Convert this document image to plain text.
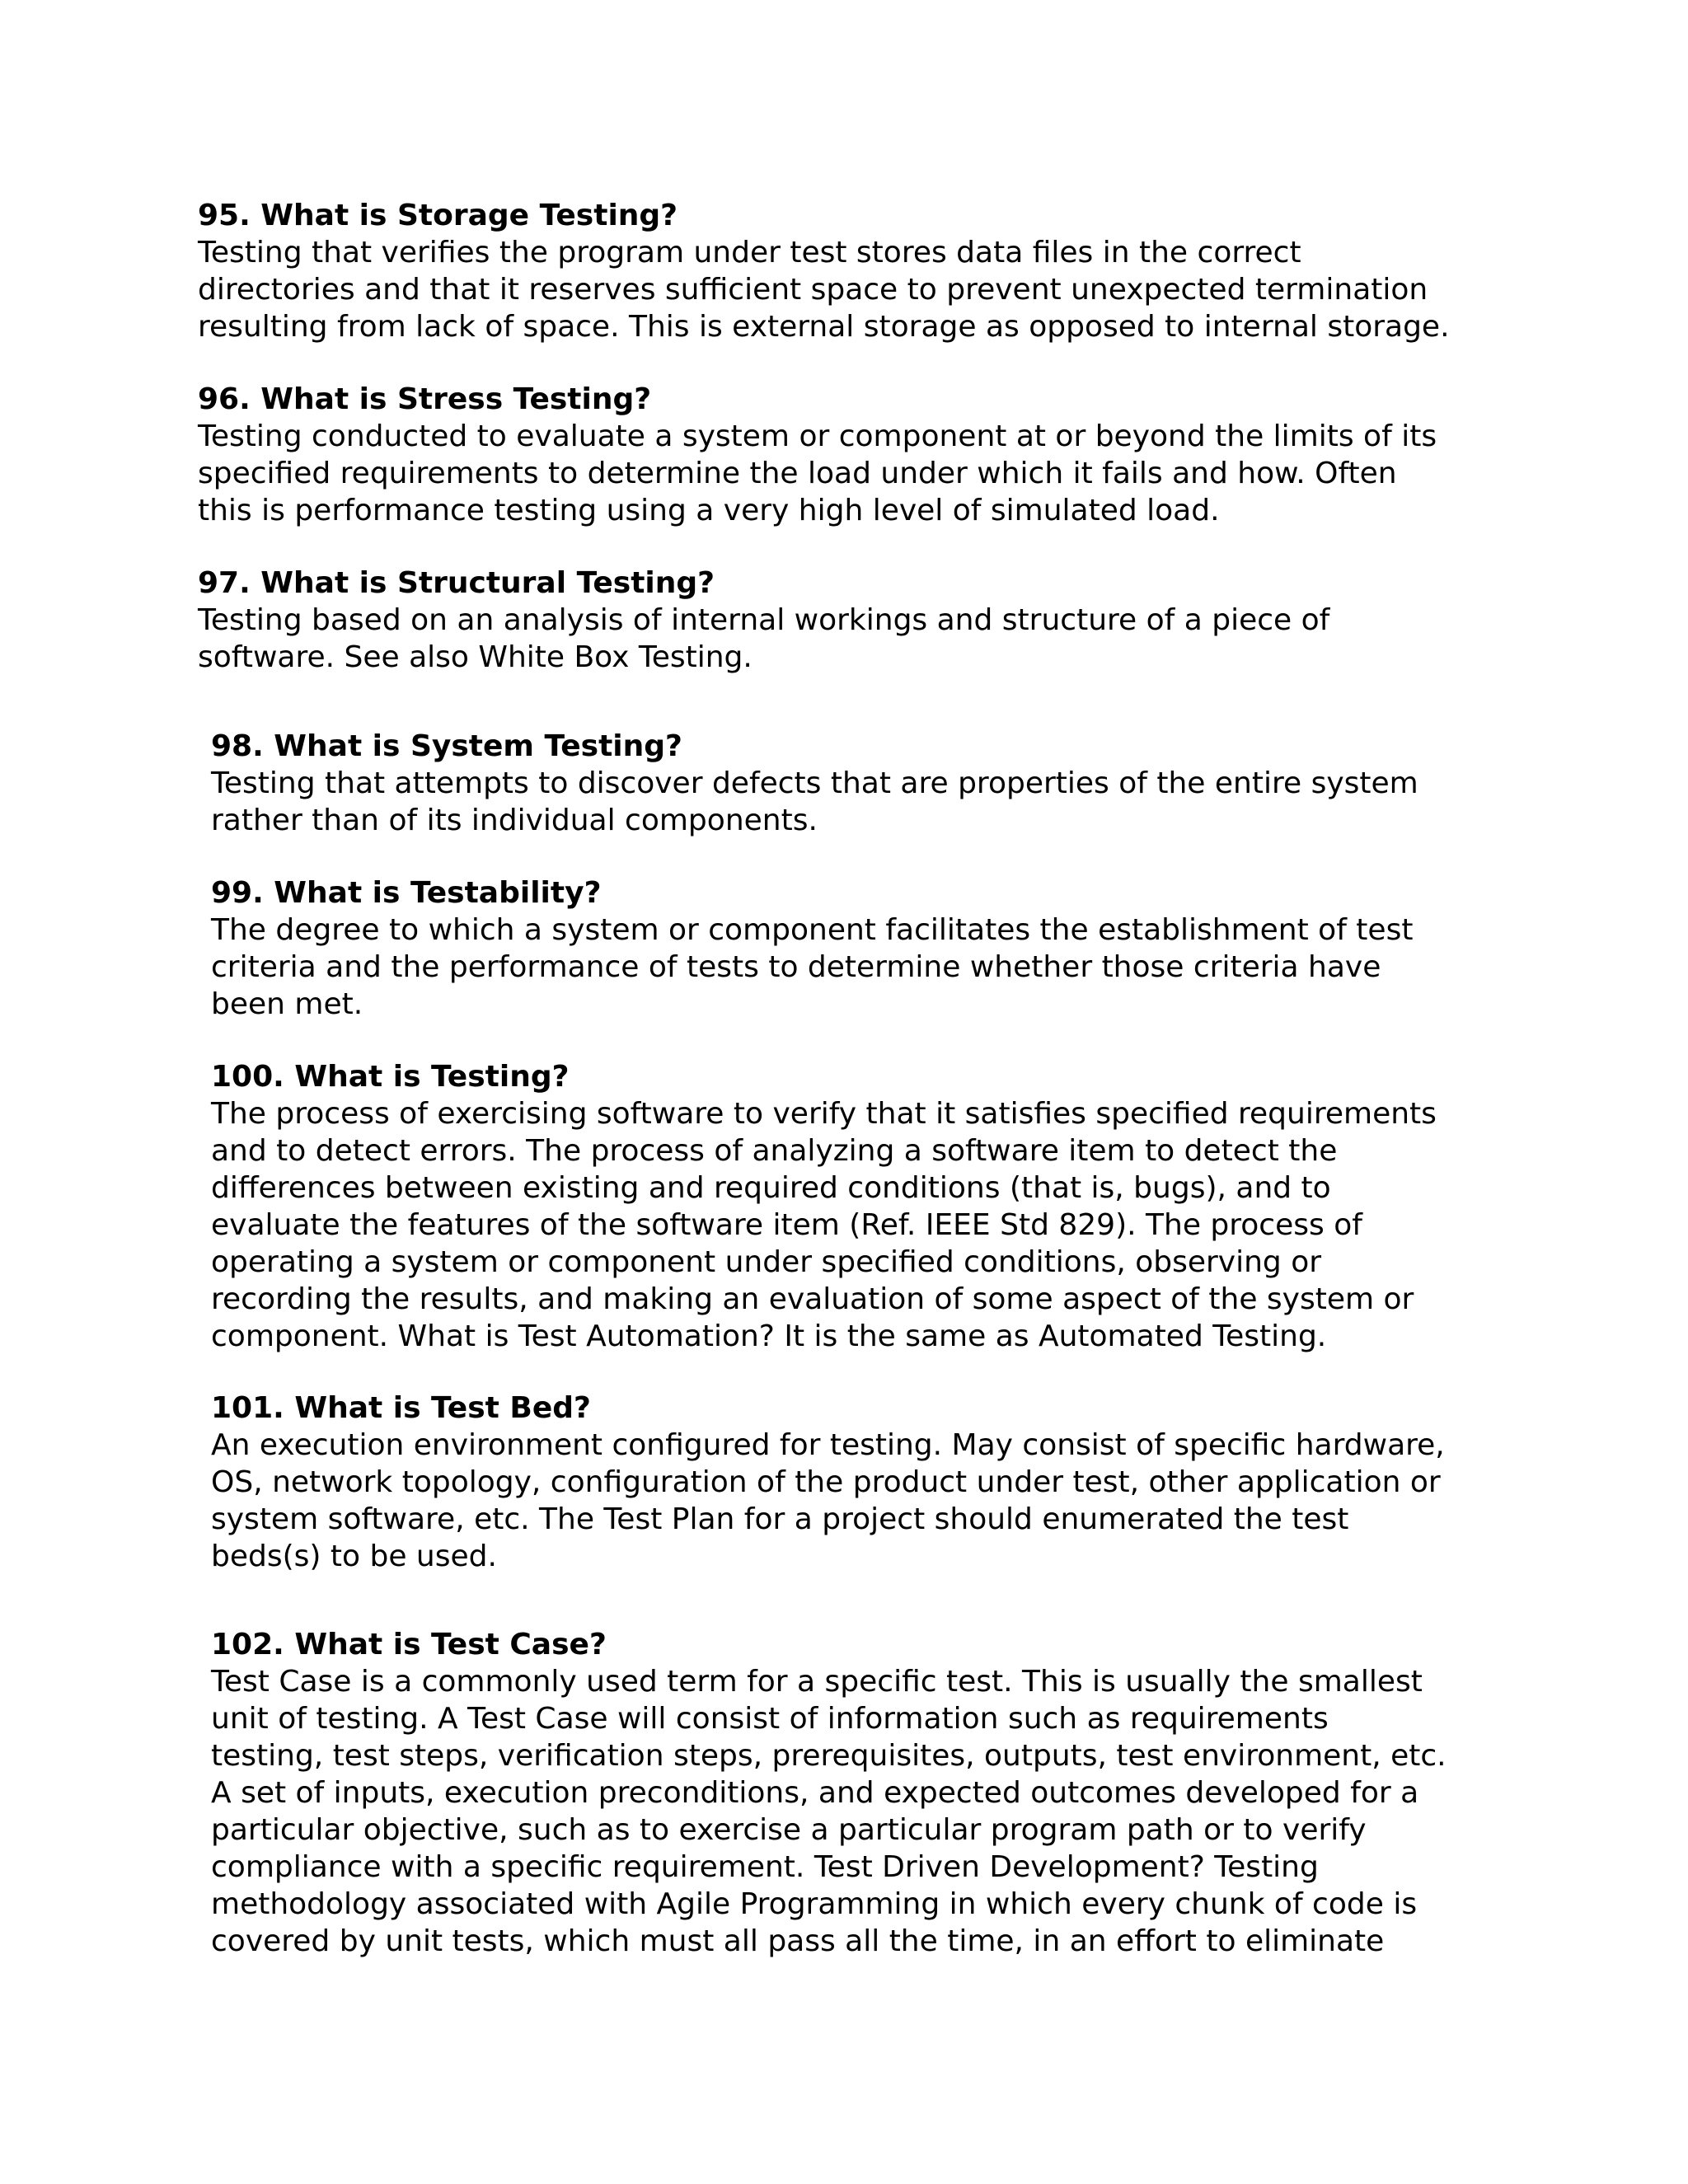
95. What is Storage Testing?

Testing that verifies the program under test stores data files in the correct

directories and that it reserves sufficient space to prevent unexpected termination

resulting from lack of space. This is external storage as opposed to internal storage.

96. What is Stress Testing?

Testing conducted to evaluate a system or component at or beyond the limits of its

specified requirements to determine the load under which it fails and how. Often

this is performance testing using a very high level of simulated load.

97. What is Structural Testing?

Testing based on an analysis of internal workings and structure of a piece of

software. See also White Box Testing.

98. What is System Testing?

Testing that attempts to discover defects that are properties of the entire system

rather than of its individual components.

99. What is Testability?

The degree to which a system or component facilitates the establishment of test

criteria and the performance of tests to determine whether those criteria have

been met.

100. What is Testing?

The process of exercising software to verify that it satisfies specified requirements

and to detect errors. The process of analyzing a software item to detect the

differences between existing and required conditions (that is, bugs), and to

evaluate the features of the software item (Ref. IEEE Std 829). The process of

operating a system or component under specified conditions, observing or

recording the results, and making an evaluation of some aspect of the system or

component. What is Test Automation? It is the same as Automated Testing.

101. What is Test Bed?

An execution environment configured for testing. May consist of specific hardware,

OS, network topology, configuration of the product under test, other application or

system software, etc. The Test Plan for a project should enumerated the test

beds(s) to be used.

102. What is Test Case?

Test Case is a commonly used term for a specific test. This is usually the smallest

unit of testing. A Test Case will consist of information such as requirements

testing, test steps, verification steps, prerequisites, outputs, test environment, etc.

A set of inputs, execution preconditions, and expected outcomes developed for a

particular objective, such as to exercise a particular program path or to verify

compliance with a specific requirement. Test Driven Development? Testing

methodology associated with Agile Programming in which every chunk of code is

covered by unit tests, which must all pass all the time, in an effort to eliminate
